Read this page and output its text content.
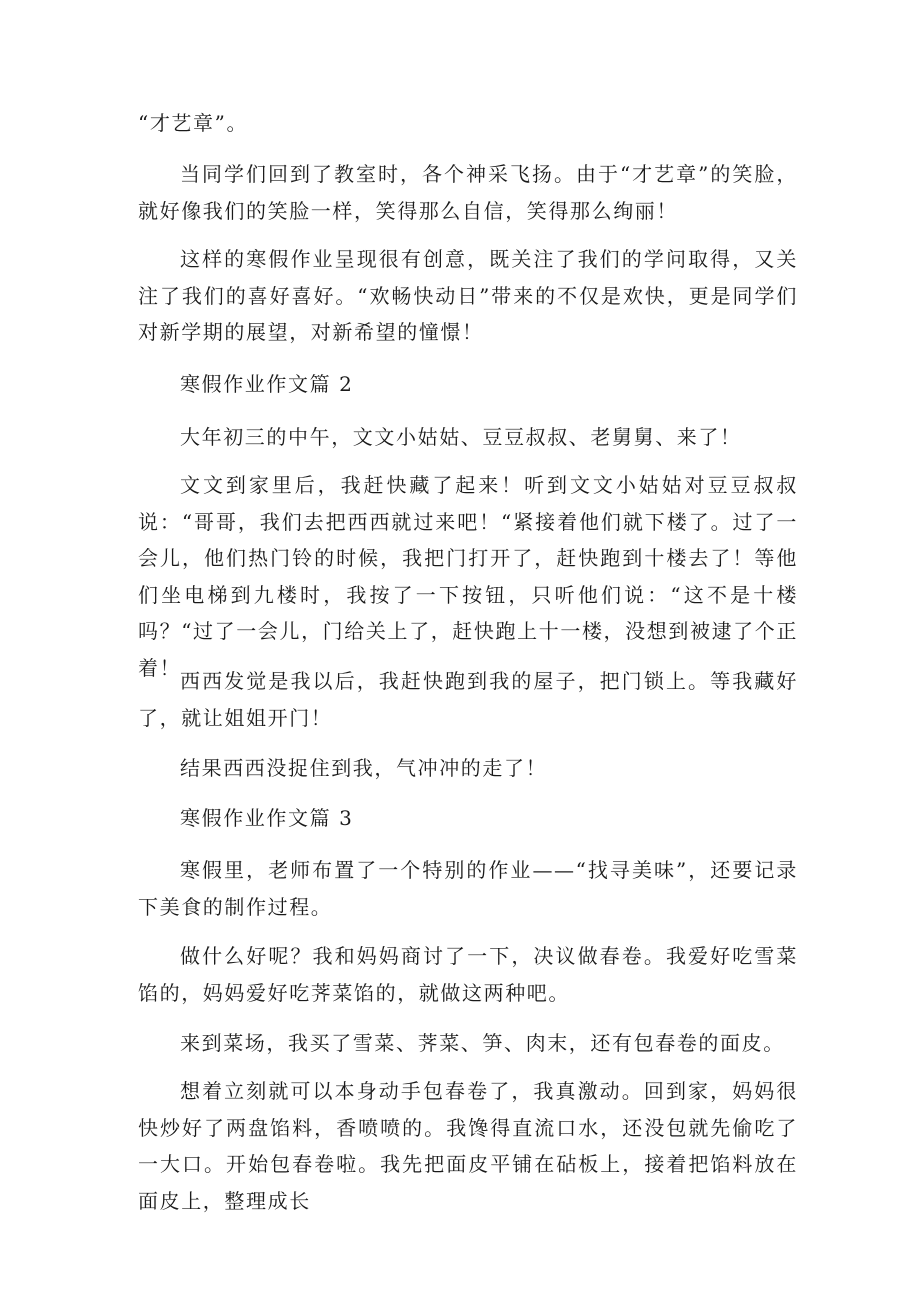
“才艺章”。

当同学们回到了教室时，各个神采飞扬。由于“才艺章”的笑脸，就好像我们的笑脸一样，笑得那么自信，笑得那么绚丽！

这样的寒假作业呈现很有创意，既关注了我们的学问取得，又关注了我们的喜好喜好。“欢畅快动日”带来的不仅是欢快，更是同学们对新学期的展望，对新希望的憧憬！

寒假作业作文篇 2

大年初三的中午，文文小姑姑、豆豆叔叔、老舅舅、来了！

文文到家里后，我赶快藏了起来！听到文文小姑姑对豆豆叔叔说：“哥哥，我们去把西西就过来吧！“紧接着他们就下楼了。过了一会儿，他们热门铃的时候，我把门打开了，赶快跑到十楼去了！等他们坐电梯到九楼时，我按了一下按钮，只听他们说：“这不是十楼吗？“过了一会儿，门给关上了，赶快跑上十一楼，没想到被逮了个正着！

西西发觉是我以后，我赶快跑到我的屋子，把门锁上。等我藏好了，就让姐姐开门！

结果西西没捉住到我，气冲冲的走了！

寒假作业作文篇 3

寒假里，老师布置了一个特别的作业——“找寻美味”，还要记录下美食的制作过程。

做什么好呢？我和妈妈商讨了一下，决议做春卷。我爱好吃雪菜馅的，妈妈爱好吃荠菜馅的，就做这两种吧。

来到菜场，我买了雪菜、荠菜、笋、肉末，还有包春卷的面皮。

想着立刻就可以本身动手包春卷了，我真激动。回到家，妈妈很快炒好了两盘馅料，香喷喷的。我馋得直流口水，还没包就先偷吃了一大口。开始包春卷啦。我先把面皮平铺在砧板上，接着把馅料放在面皮上，整理成长
